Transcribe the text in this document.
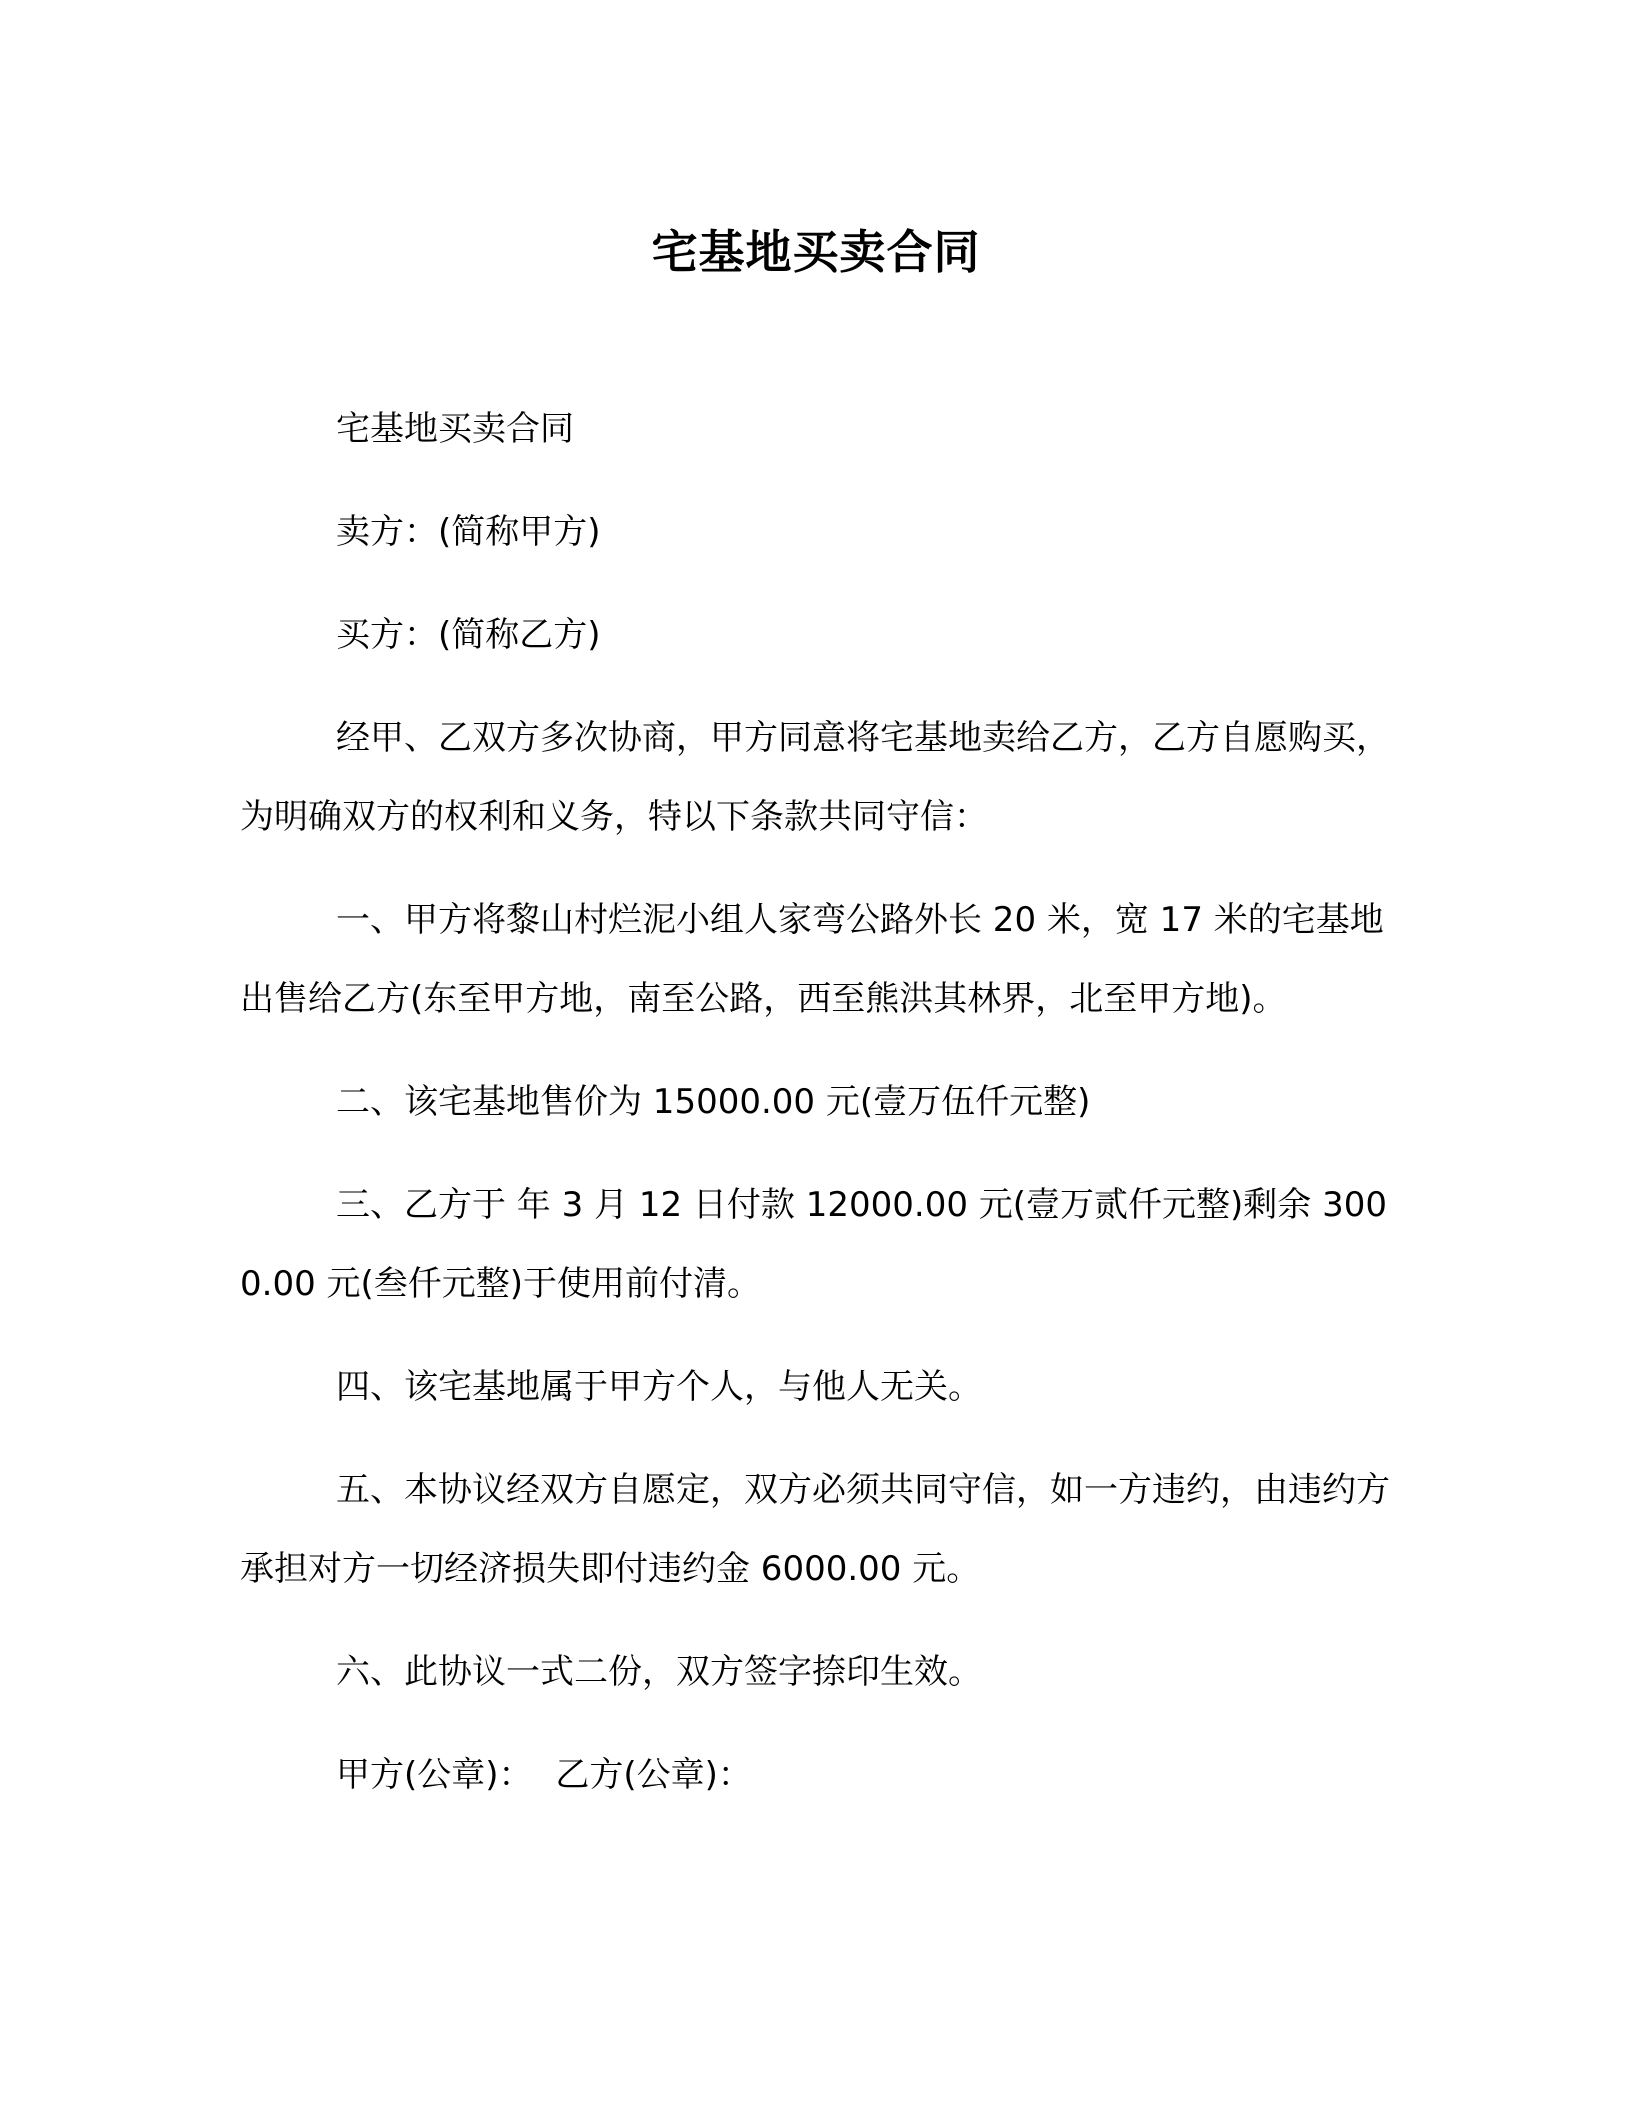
宅基地买卖合同

宅基地买卖合同

卖方：(简称甲方)

买方：(简称乙方)

经甲、乙双方多次协商，甲方同意将宅基地卖给乙方，乙方自愿购买，为明确双方的权利和义务，特以下条款共同守信：

一、甲方将黎山村烂泥小组人家弯公路外长 20 米，宽 17 米的宅基地出售给乙方(东至甲方地，南至公路，西至熊洪其林界，北至甲方地)。

二、该宅基地售价为 15000.00 元(壹万伍仟元整)

三、乙方于 年 3 月 12 日付款 12000.00 元(壹万贰仟元整)剩余 3000.00 元(叁仟元整)于使用前付清。

四、该宅基地属于甲方个人，与他人无关。

五、本协议经双方自愿定，双方必须共同守信，如一方违约，由违约方承担对方一切经济损失即付违约金 6000.00 元。

六、此协议一式二份，双方签字捺印生效。

甲方(公章)： 乙方(公章)：
